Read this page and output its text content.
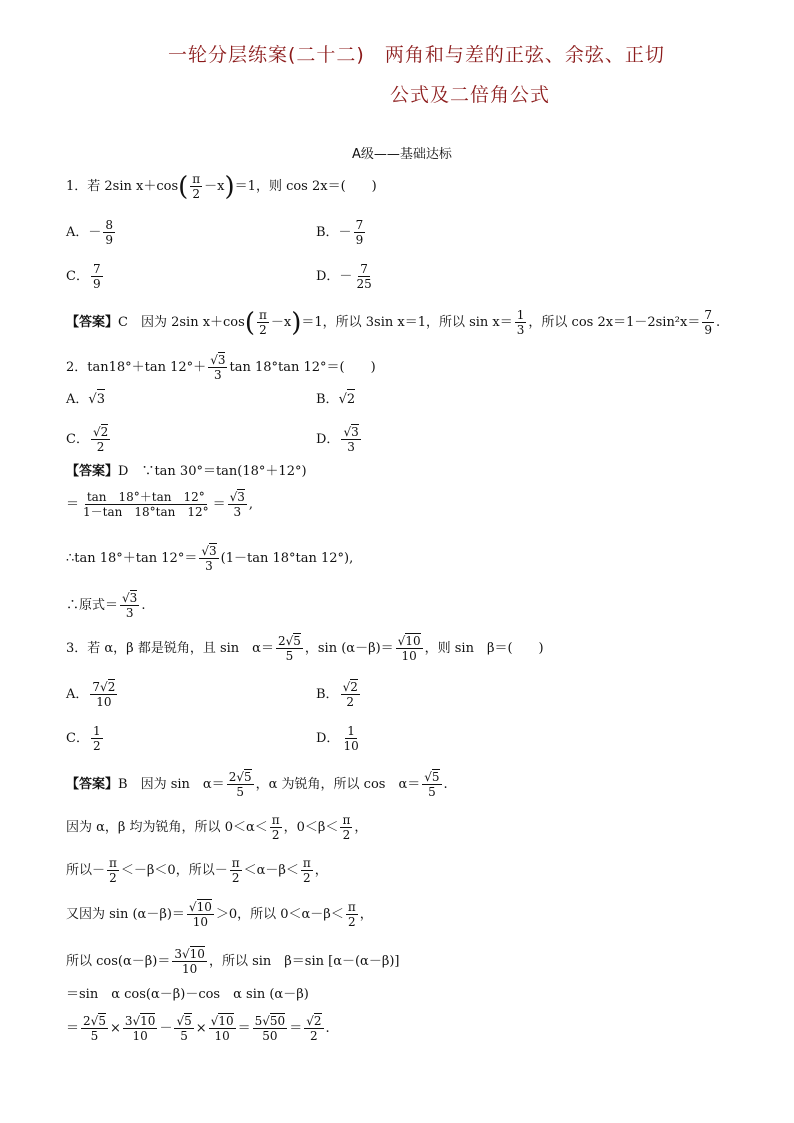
一轮分层练案(二十二)　两角和与差的正弦、余弦、正切
公式及二倍角公式
A级——基础达标
1．若 2sin x＋cos ( $\frac{\pi}{2} -x$ ) ＝1，则 cos 2x＝(　　)
A．－ $\frac{8}{9}$	B．－ $\frac{7}{9}$
C． $\frac{7}{9}$	D．－ $\frac{7}{25}$
【答案】 C　因为 2sin x＋cos ( $\frac{\pi}{2} -x$ ) ＝1，所以 3sin x＝1，所以 $\sin x= \frac{1}{3}$ ，所以 $\cos 2x=1-2\sin^2x= \frac{7}{9}$ .
2．tan18°＋tan $12^\circ+ \frac{√3}{3}$ tan 18°tan 12°＝(　　)
A． √ 3	B． √ 2
C． $\frac{√2}{2}$	D． $\frac{√3}{3}$
【答案】 D　∵tan 30°＝tan(18°＋12°)
＝ $\frac{\tan 18^\circ+\tan 12^\circ}{1-\tan 18^\circ\tan 12^\circ} = \frac{√3}{3}$ ,
∴tan 18°＋tan $12^\circ= \frac{√3}{3} (1-\tan$ 18°tan 12°),
∴原式＝ $\frac{√3}{3}$ .
3．若 α，β 都是锐角，且 sin　$\alpha= \frac{2√5}{5}$ ，$\sin (\alpha-\beta)= \frac{√10}{10}$ ，则 sin　β＝(　　)
A． $\frac{7√2}{10}$	B． $\frac{√2}{2}$
C． $\frac{1}{2}$	D． $\frac{1}{10}$
【答案】 B　因为 sin　$\alpha= \frac{2√5}{5}$ ，α 为锐角，所以 cos　$\alpha= \frac{√5}{5}$ .
因为 α，β 均为锐角，所以 $0<\alpha< \frac{\pi}{2}$ ，$0<\beta< \frac{\pi}{2}$ ，
所以－ $\frac{\pi}{2} <-\beta<0$，所以－ $\frac{\pi}{2} <\alpha-\beta< \frac{\pi}{2}$ ，
又因为 $\sin (\alpha-\beta)= \frac{√10}{10} >0$，所以 $0<\alpha-\beta< \frac{\pi}{2}$ ，
所以 $\cos(\alpha-\beta)= \frac{3√10}{10}$ ，所以 sin　β＝sin [α－(α－β)]
＝sin　α cos(α－β)－cos　α sin (α－β)
＝ $\frac{2√5}{5} \times \frac{3√10}{10} - \frac{√5}{5} \times \frac{√10}{10} = \frac{5√50}{50} = \frac{√2}{2}$ .
